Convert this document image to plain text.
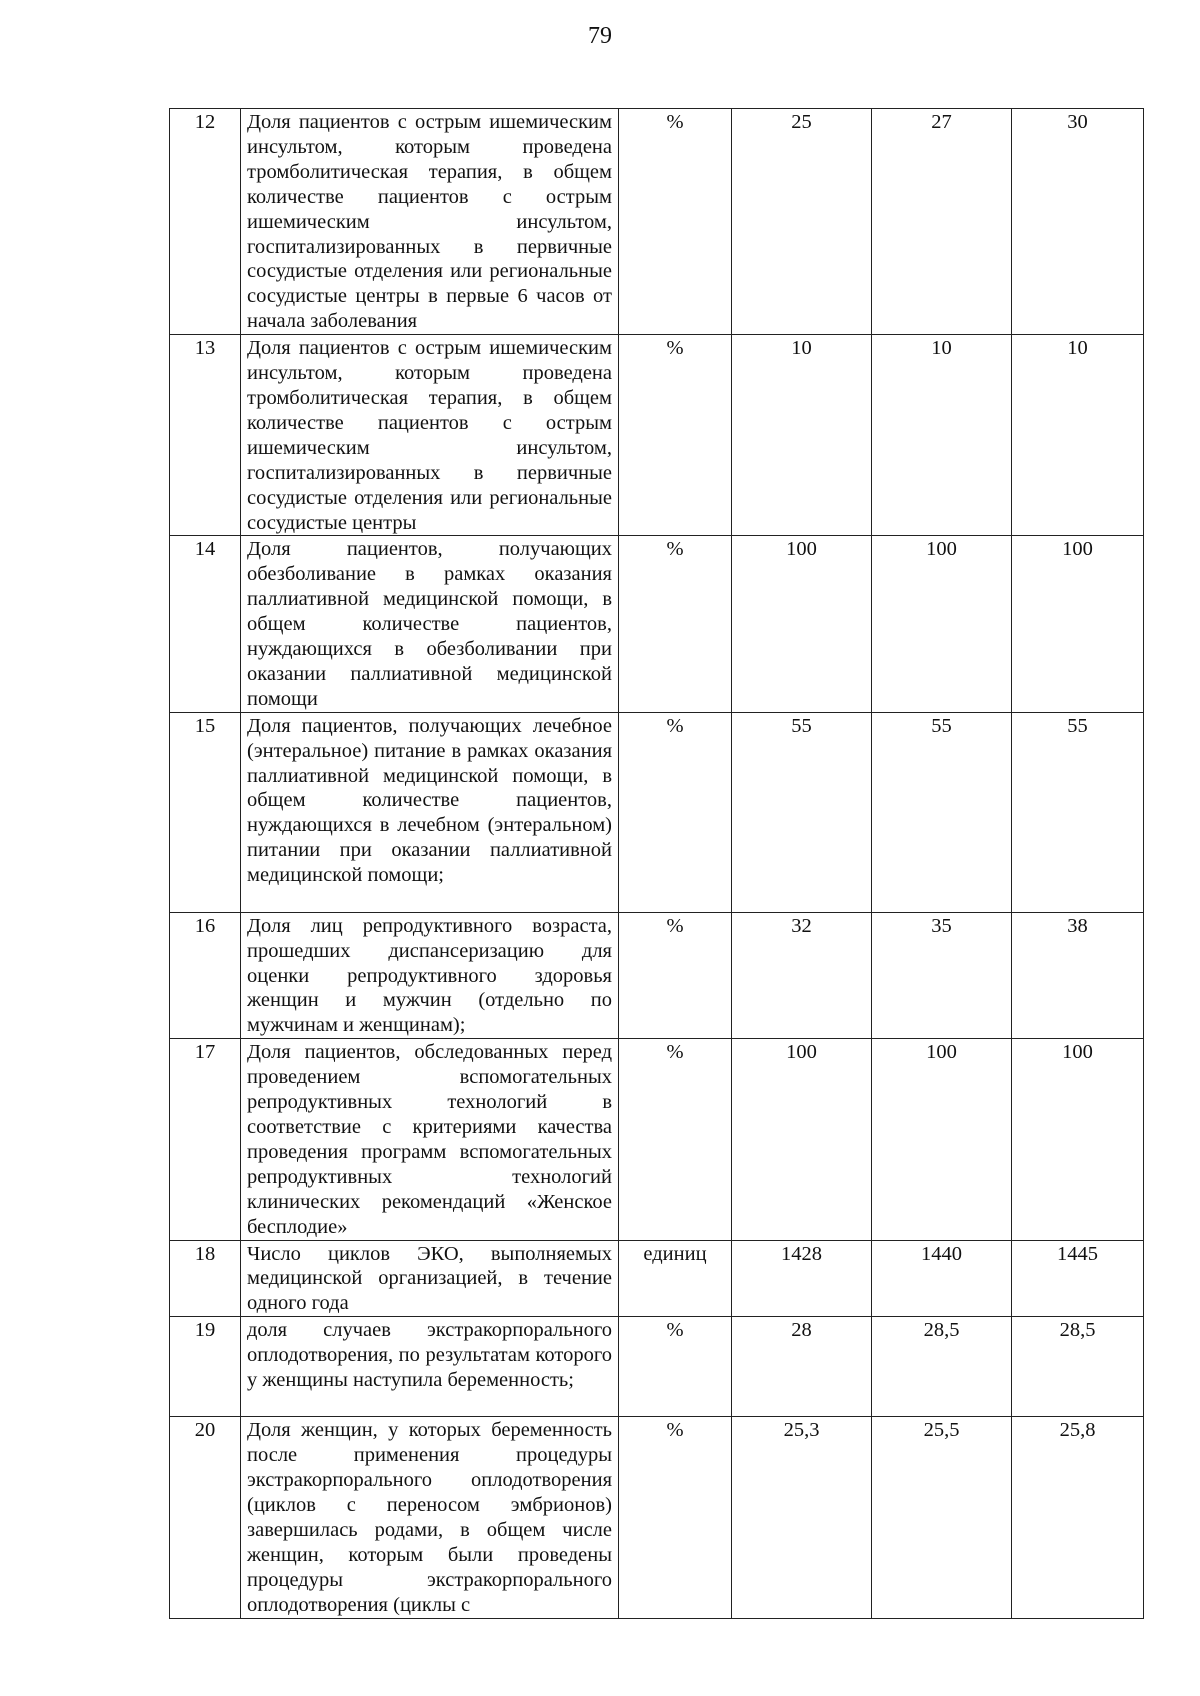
79
12	Доля пациентов с острым ишемическим инсультом, которым проведена тромболитическая терапия, в общем количестве пациентов с острым ишемическим инсультом, госпитализированных в первичные сосудистые отделения или региональные сосудистые центры в первые 6 часов от начала заболевания	%	25	27	30
13	Доля пациентов с острым ишемическим инсультом, которым проведена тромболитическая терапия, в общем количестве пациентов с острым ишемическим инсультом, госпитализированных в первичные сосудистые отделения или региональные сосудистые центры	%	10	10	10
14	Доля пациентов, получающих обезболивание в рамках оказания паллиативной медицинской помощи, в общем количестве пациентов, нуждающихся в обезболивании при оказании паллиативной медицинской помощи	%	100	100	100
15	Доля пациентов, получающих лечебное (энтеральное) питание в рамках оказания паллиативной медицинской помощи, в общем количестве пациентов, нуждающихся в лечебном (энтеральном) питании при оказании паллиативной медицинской помощи;	%	55	55	55
16	Доля лиц репродуктивного возраста, прошедших диспансеризацию для оценки репродуктивного здоровья женщин и мужчин (отдельно по мужчинам и женщинам);	%	32	35	38
17	Доля пациентов, обследованных перед проведением вспомогательных репродуктивных технологий в соответствие с критериями качества проведения программ вспомогательных репродуктивных технологий клинических рекомендаций «Женское бесплодие»	%	100	100	100
18	Число циклов ЭКО, выполняемых медицинской организацией, в течение одного года	единиц	1428	1440	1445
19	доля случаев экстракорпорального оплодотворения, по результатам которого у женщины наступила беременность;	%	28	28,5	28,5
20	Доля женщин, у которых беременность после применения процедуры экстракорпорального оплодотворения (циклов с переносом эмбрионов) завершилась родами, в общем числе женщин, которым были проведены процедуры экстракорпорального оплодотворения (циклы с	%	25,3	25,5	25,8
